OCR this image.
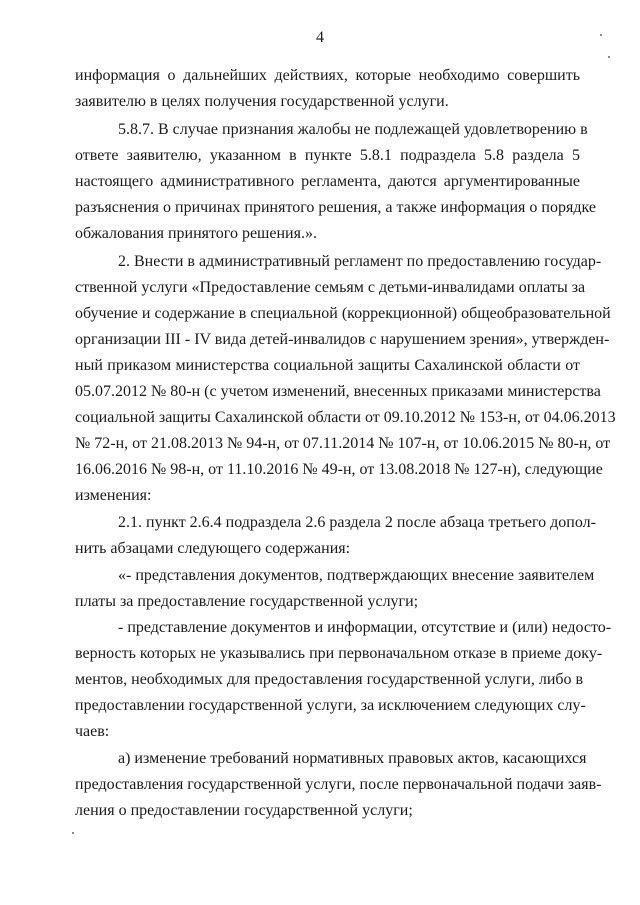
4
информация о дальнейших действиях, которые необходимо совершить
заявителю в целях получения государственной услуги.
5.8.7. В случае признания жалобы не подлежащей удовлетворению в
ответе заявителю, указанном в пункте 5.8.1 подраздела 5.8 раздела 5
настоящего административного регламента, даются аргументированные
разъяснения о причинах принятого решения, а также информация о порядке
обжалования принятого решения.».
2. Внести в административный регламент по предоставлению государ-
ственной услуги «Предоставление семьям с детьми-инвалидами оплаты за
обучение и содержание в специальной (коррекционной) общеобразовательной
организации III - IV вида детей-инвалидов с нарушением зрения», утвержден-
ный приказом министерства социальной защиты Сахалинской области от
05.07.2012 № 80-н (с учетом изменений, внесенных приказами министерства
социальной защиты Сахалинской области от 09.10.2012 № 153-н, от 04.06.2013
№ 72-н, от 21.08.2013 № 94-н, от 07.11.2014 № 107-н, от 10.06.2015 № 80-н, от
16.06.2016 № 98-н, от 11.10.2016 № 49-н, от 13.08.2018 № 127-н), следующие
изменения:
2.1. пункт 2.6.4 подраздела 2.6 раздела 2 после абзаца третьего допол-
нить абзацами следующего содержания:
«- представления документов, подтверждающих внесение заявителем
платы за предоставление государственной услуги;
- представление документов и информации, отсутствие и (или) недосто-
верность которых не указывались при первоначальном отказе в приеме доку-
ментов, необходимых для предоставления государственной услуги, либо в
предоставлении государственной услуги, за исключением следующих слу-
чаев:
а) изменение требований нормативных правовых актов, касающихся
предоставления государственной услуги, после первоначальной подачи заяв-
ления о предоставлении государственной услуги;
